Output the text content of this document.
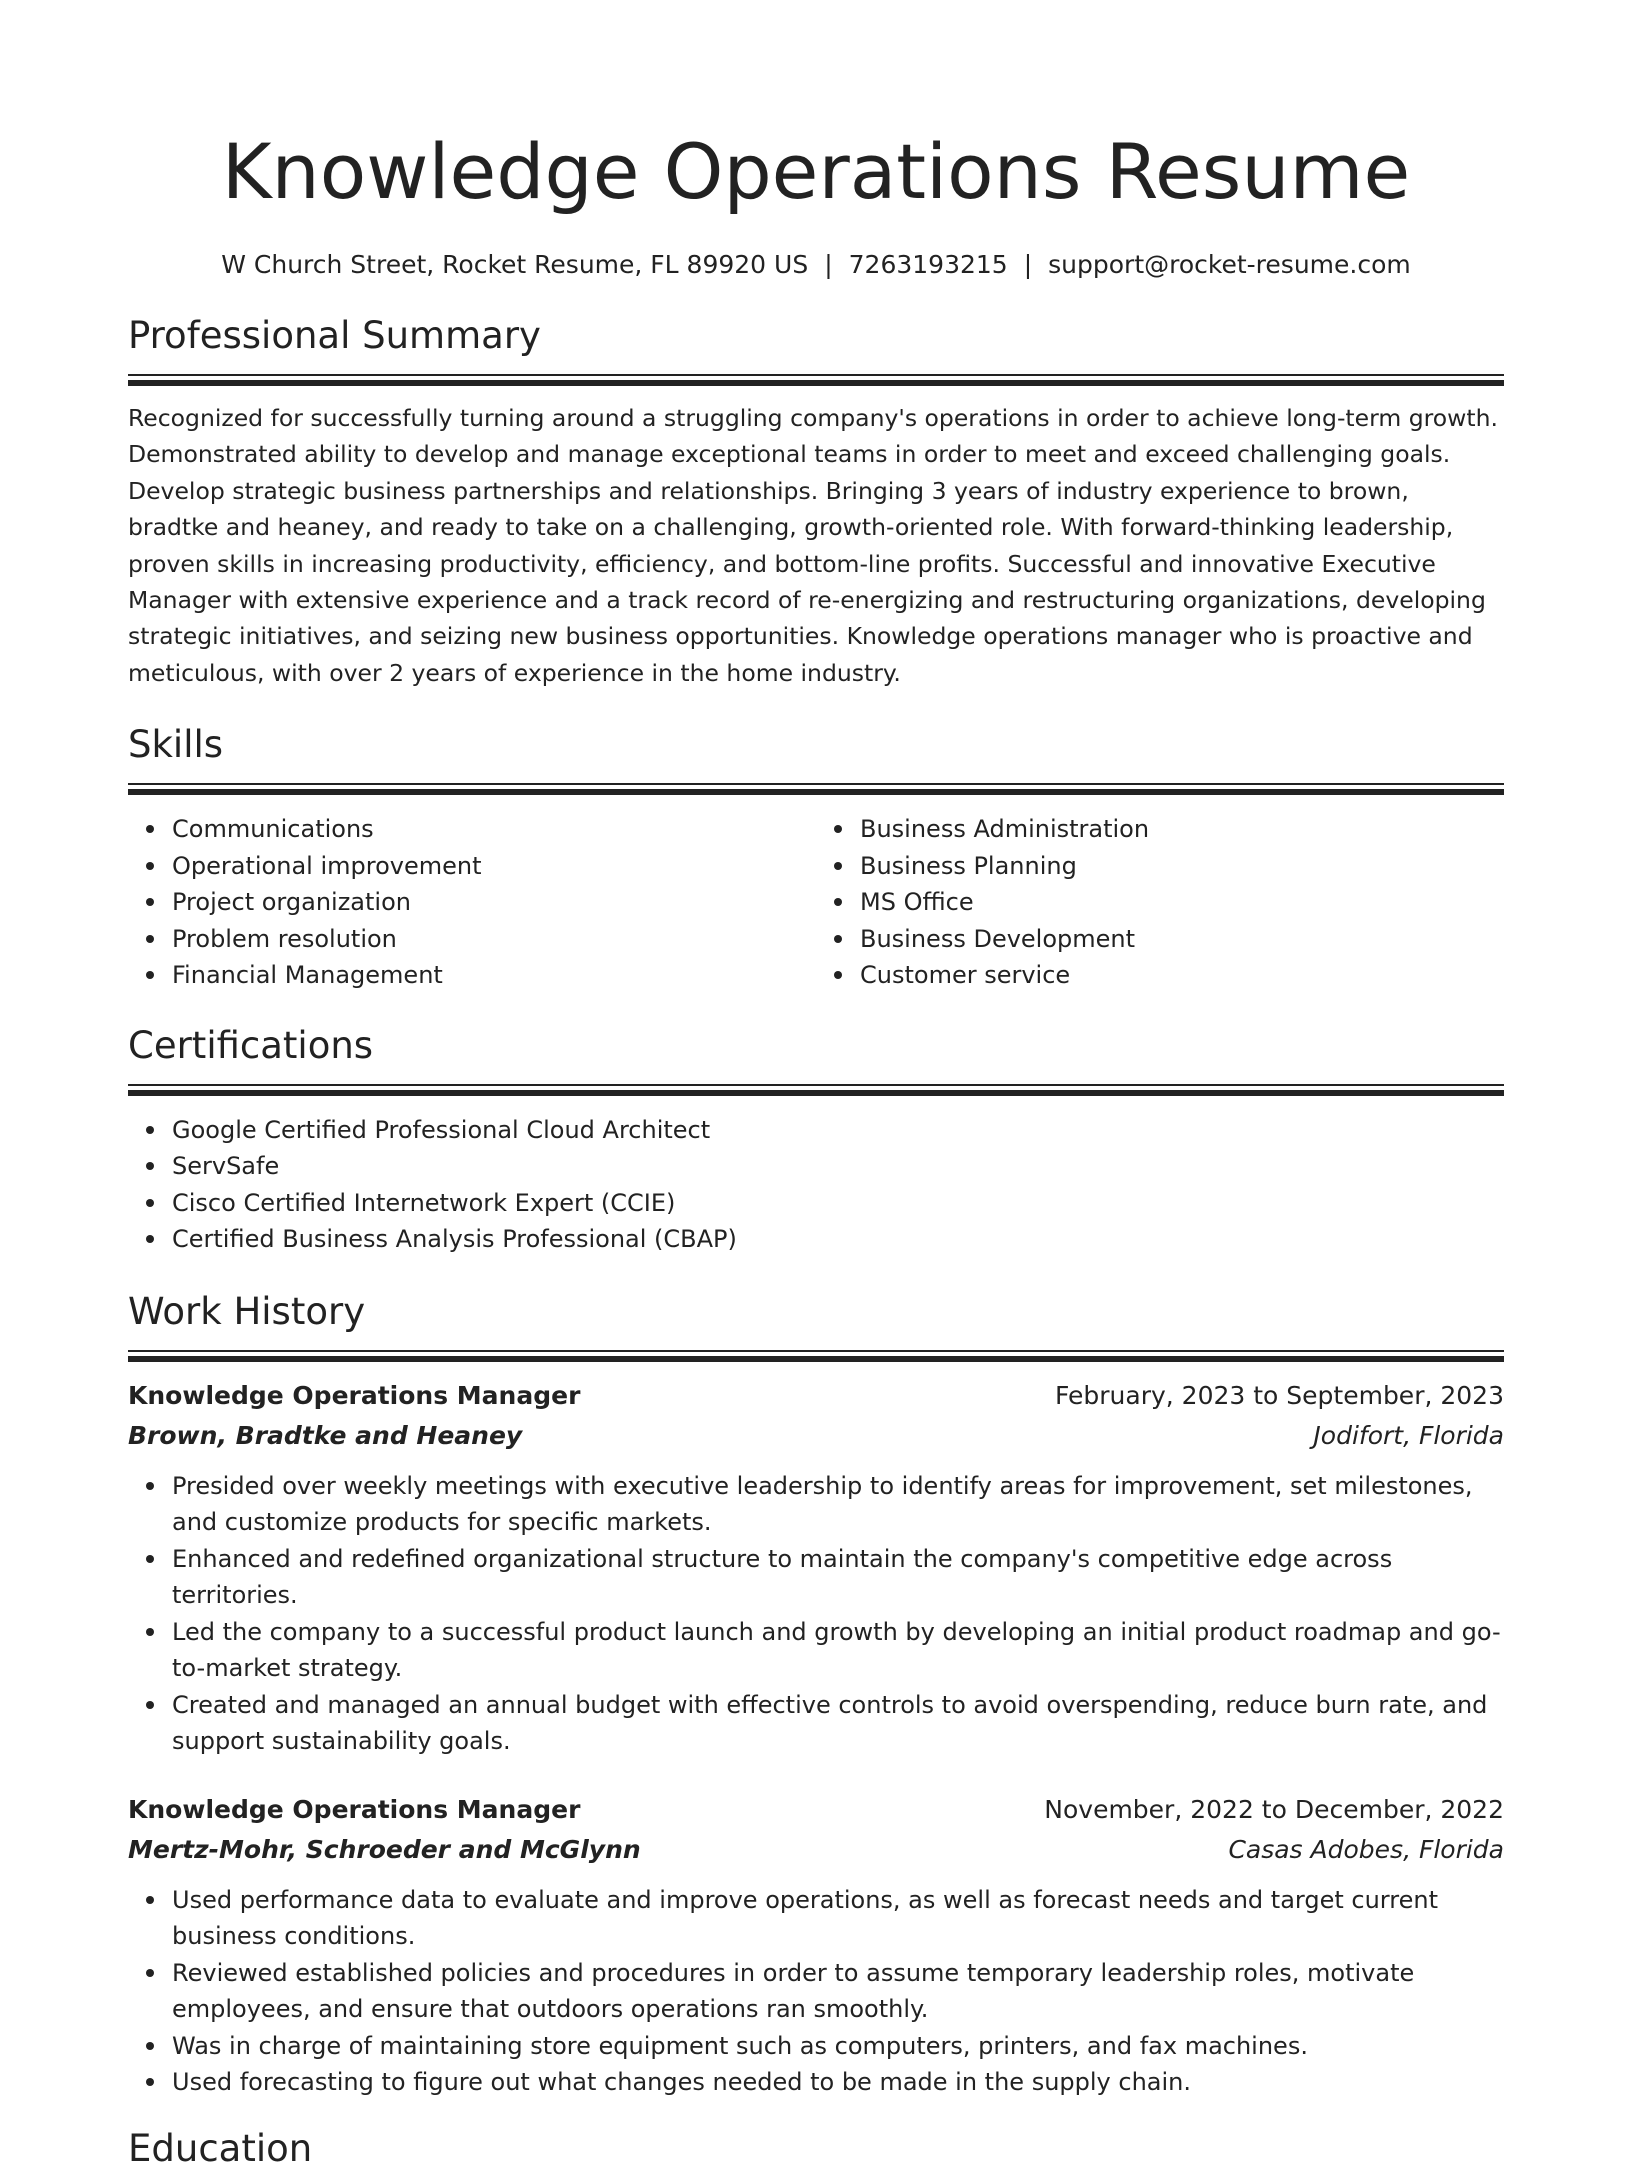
Knowledge Operations Resume
W Church Street, Rocket Resume, FL 89920 US | 7263193215 | support@rocket-resume.com
Professional Summary

Recognized for successfully turning around a struggling company's operations in order to achieve long-term growth. Demonstrated ability to develop and manage exceptional teams in order to meet and exceed challenging goals. Develop strategic business partnerships and relationships. Bringing 3 years of industry experience to brown, bradtke and heaney, and ready to take on a challenging, growth-oriented role. With forward-thinking leadership, proven skills in increasing productivity, efficiency, and bottom-line profits. Successful and innovative Executive Manager with extensive experience and a track record of re-energizing and restructuring organizations, developing strategic initiatives, and seizing new business opportunities. Knowledge operations manager who is proactive and meticulous, with over 2 years of experience in the home industry.

Skills
Communications
Operational improvement
Project organization
Problem resolution
Financial Management
Business Administration
Business Planning
MS Office
Business Development
Customer service
Certifications
Google Certified Professional Cloud Architect
ServSafe
Cisco Certified Internetwork Expert (CCIE)
Certified Business Analysis Professional (CBAP)
Work History
Knowledge Operations Manager	February, 2023 to September, 2023
Brown, Bradtke and Heaney	Jodifort, Florida
Presided over weekly meetings with executive leadership to identify areas for improvement, set milestones, and customize products for specific markets.
Enhanced and redefined organizational structure to maintain the company's competitive edge across territories.
Led the company to a successful product launch and growth by developing an initial product roadmap and go-to-market strategy.
Created and managed an annual budget with effective controls to avoid overspending, reduce burn rate, and support sustainability goals.
Knowledge Operations Manager	November, 2022 to December, 2022
Mertz-Mohr, Schroeder and McGlynn	Casas Adobes, Florida
Used performance data to evaluate and improve operations, as well as forecast needs and target current business conditions.
Reviewed established policies and procedures in order to assume temporary leadership roles, motivate employees, and ensure that outdoors operations ran smoothly.
Was in charge of maintaining store equipment such as computers, printers, and fax machines.
Used forecasting to figure out what changes needed to be made in the supply chain.
Education
